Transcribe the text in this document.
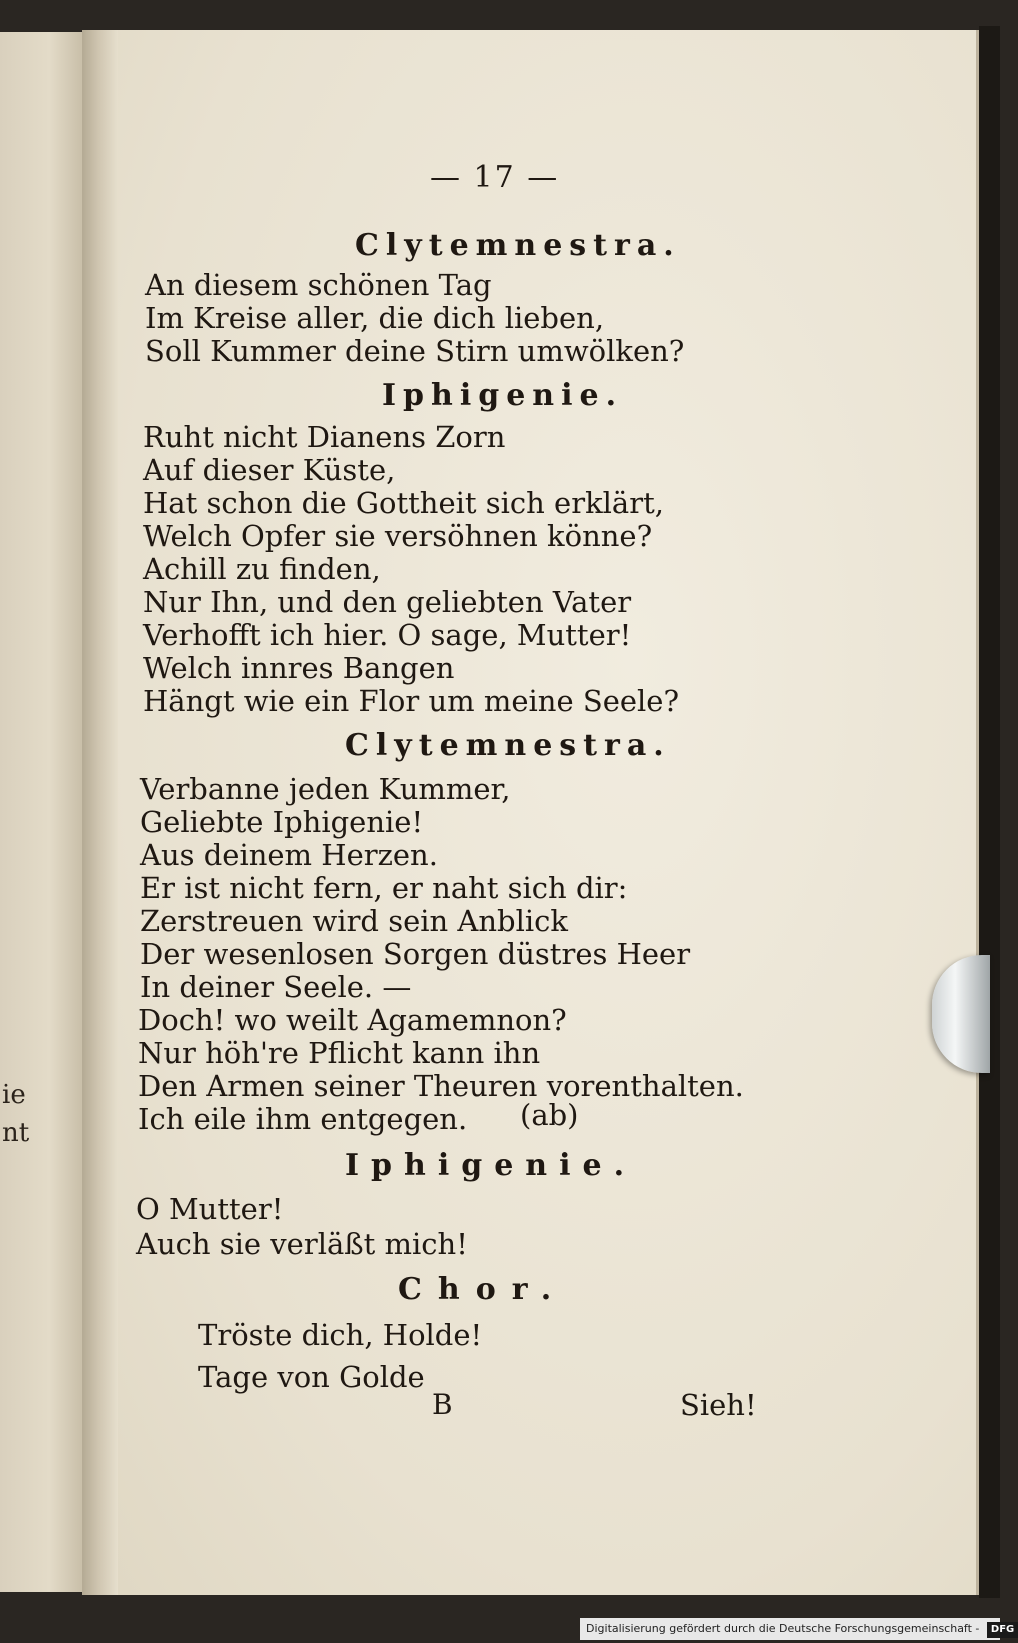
ie
nt
— 17 —
Clytemnestra.
An diesem schönen Tag
Im Kreise aller, die dich lieben,
Soll Kummer deine Stirn umwölken?
Iphigenie.
Ruht nicht Dianens Zorn
Auf dieser Küste,
Hat schon die Gottheit sich erklärt,
Welch Opfer sie versöhnen könne?
Achill zu finden,
Nur Ihn, und den geliebten Vater
Verhofft ich hier. O sage, Mutter!
Welch innres Bangen
Hängt wie ein Flor um meine Seele?
Clytemnestra.
Verbanne jeden Kummer,
Geliebte Iphigenie!
Aus deinem Herzen.
Er ist nicht fern, er naht sich dir:
Zerstreuen wird sein Anblick
Der wesenlosen Sorgen düstres Heer
In deiner Seele. —
Doch! wo weilt Agamemnon?
Nur höh're Pflicht kann ihn
Den Armen seiner Theuren vorenthalten.
Ich eile ihm entgegen. (ab)
Iphigenie.
O Mutter!
Auch sie verläßt mich!
Chor.
Tröste dich, Holde!
Tage von Golde
B	Sieh!
Digitalisierung gefördert durch die Deutsche Forschungsgemeinschaft - DFG
